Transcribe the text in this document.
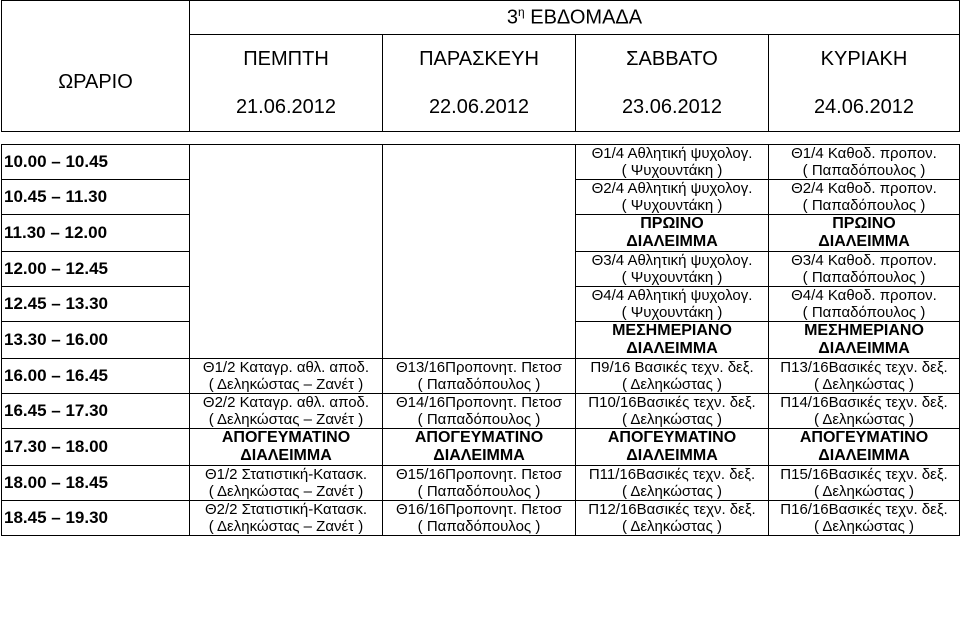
	$3^\eta$ ΕΒΔΟΜΑΔΑ			
ΩΡΑΡΙΟ	ΠΕΜΠΤΗ	ΠΑΡΑΣΚΕΥΗ	ΣΑΒΒΑΤΟ	ΚΥΡΙΑΚΗ
	21.06.2012	22.06.2012	23.06.2012	24.06.2012

10.00 – 10.45			Θ1/4 Αθλητική ψυχολογ.
( Ψυχουντάκη )	Θ1/4 Καθοδ. προπον.
( Παπαδόπουλος )

10.45 – 11.30			Θ2/4 Αθλητική ψυχολογ.
( Ψυχουντάκη )	Θ2/4 Καθοδ. προπον.
( Παπαδόπουλος )

11.30 – 12.00			ΠΡΩΙΝΟ
ΔΙΑΛΕΙΜΜΑ	ΠΡΩΙΝΟ
ΔΙΑΛΕΙΜΜΑ

12.00 – 12.45			Θ3/4 Αθλητική ψυχολογ.
( Ψυχουντάκη )	Θ3/4 Καθοδ. προπον.
( Παπαδόπουλος )

12.45 – 13.30			Θ4/4 Αθλητική ψυχολογ.
( Ψυχουντάκη )	Θ4/4 Καθοδ. προπον.
( Παπαδόπουλος )

13.30 – 16.00			ΜΕΣΗΜΕΡΙΑΝΟ
ΔΙΑΛΕΙΜΜΑ	ΜΕΣΗΜΕΡΙΑΝΟ
ΔΙΑΛΕΙΜΜΑ

16.00 – 16.45	Θ1/2 Καταγρ. αθλ. αποδ.
( Δεληκώστας – Ζανέτ )	Θ13/16Προπονητ. Πετοσ
( Παπαδόπουλος )	Π9/16 Βασικές τεχν. δεξ.
( Δεληκώστας )	Π13/16Βασικές τεχν. δεξ.
( Δεληκώστας )

16.45 – 17.30	Θ2/2 Καταγρ. αθλ. αποδ.
( Δεληκώστας – Ζανέτ )	Θ14/16Προπονητ. Πετοσ
( Παπαδόπουλος )	Π10/16Βασικές τεχν. δεξ.
( Δεληκώστας )	Π14/16Βασικές τεχν. δεξ.
( Δεληκώστας )

17.30 – 18.00	ΑΠΟΓΕΥΜΑΤΙΝΟ
ΔΙΑΛΕΙΜΜΑ	ΑΠΟΓΕΥΜΑΤΙΝΟ
ΔΙΑΛΕΙΜΜΑ	ΑΠΟΓΕΥΜΑΤΙΝΟ
ΔΙΑΛΕΙΜΜΑ	ΑΠΟΓΕΥΜΑΤΙΝΟ
ΔΙΑΛΕΙΜΜΑ

18.00 – 18.45	Θ1/2 Στατιστική-Κατασκ.
( Δεληκώστας – Ζανέτ )	Θ15/16Προπονητ. Πετοσ
( Παπαδόπουλος )	Π11/16Βασικές τεχν. δεξ.
( Δεληκώστας )	Π15/16Βασικές τεχν. δεξ.
( Δεληκώστας )

18.45 – 19.30	Θ2/2 Στατιστική-Κατασκ.
( Δεληκώστας – Ζανέτ )	Θ16/16Προπονητ. Πετοσ
( Παπαδόπουλος )	Π12/16Βασικές τεχν. δεξ.
( Δεληκώστας )	Π16/16Βασικές τεχν. δεξ.
( Δεληκώστας )
